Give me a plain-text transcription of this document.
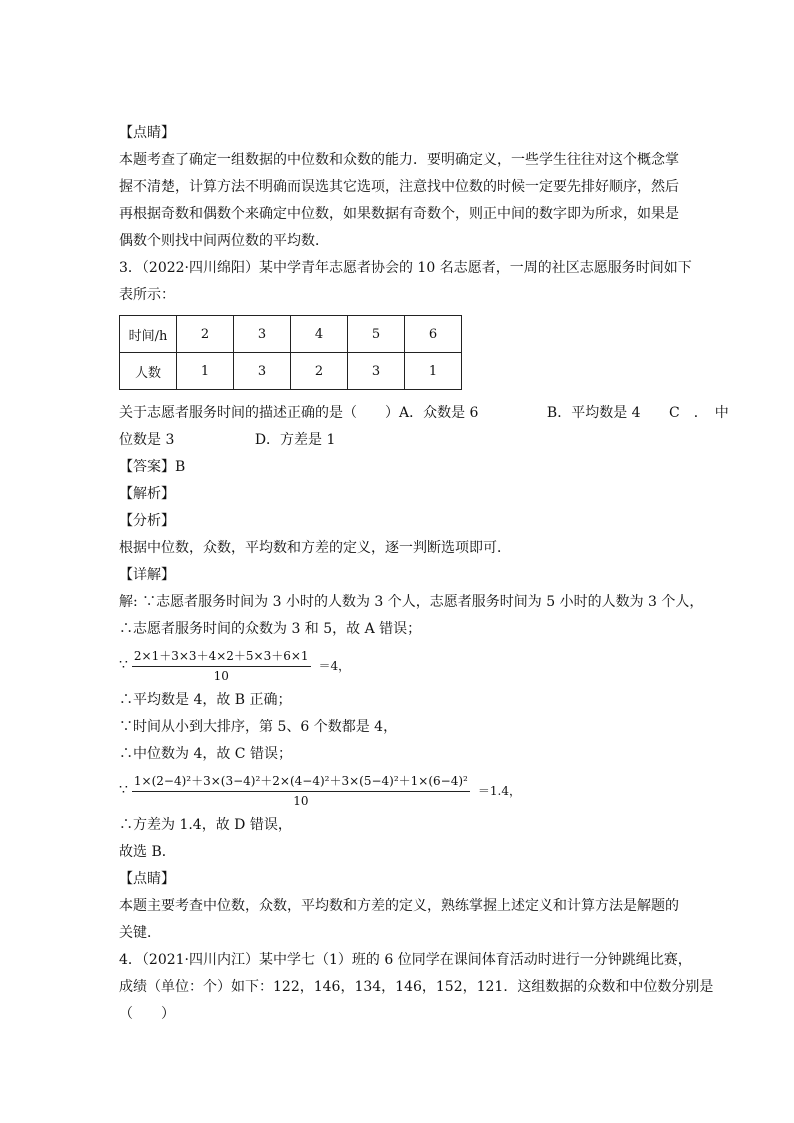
【点睛】
本题考查了确定一组数据的中位数和众数的能力．要明确定义，一些学生往往对这个概念掌
握不清楚，计算方法不明确而误选其它选项，注意找中位数的时候一定要先排好顺序，然后
再根据奇数和偶数个来确定中位数，如果数据有奇数个，则正中间的数字即为所求，如果是
偶数个则找中间两位数的平均数．
3．（2022·四川绵阳）某中学青年志愿者协会的 10 名志愿者，一周的社区志愿服务时间如下
表所示：
时间/h	2	3	4	5	6
人数	1	3	2	3	1
关于志愿者服务时间的描述正确的是（　　）A．众数是 6	B．平均数是 4 C　．　中
位数是 3	D．方差是 1
【答案】B
【解析】
【分析】
根据中位数，众数，平均数和方差的定义，逐一判断选项即可．
【详解】
解: ∵志愿者服务时间为 3 小时的人数为 3 个人，志愿者服务时间为 5 小时的人数为 3 个人，
∴志愿者服务时间的众数为 3 和 5，故 A 错误；
∵ $\frac{2\times 1+3\times 3+4\times 2+5\times 3+6\times 1}{10} =4$，
∴平均数是 4，故 B 正确；
∵时间从小到大排序，第 5、6 个数都是 4，
∴中位数为 4，故 C 错误；
∵ $\frac{\text{1×(2−4)²＋3×(3−4)²＋2×(4−4)²＋3×(5−4)²＋1×(6−4)²}}{10} =1.4$，
∴方差为 1.4，故 D 错误，
故选 B．
【点睛】
本题主要考查中位数，众数，平均数和方差的定义，熟练掌握上述定义和计算方法是解题的
关键．
4．（2021·四川内江）某中学七（1）班的 6 位同学在课间体育活动时进行一分钟跳绳比赛，
成绩（单位：个）如下：122，146，134，146，152，121．这组数据的众数和中位数分别是
（　　）
